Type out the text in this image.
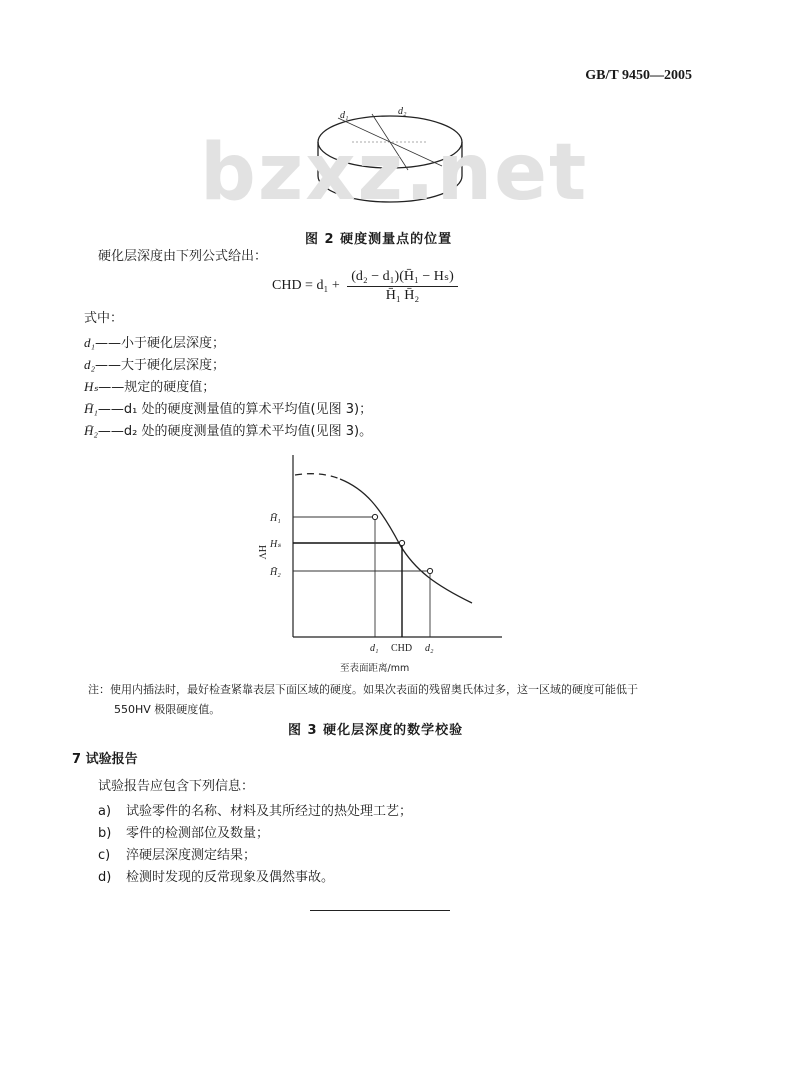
GB/T 9450—2005
d₁	d₂
bzxz.net
图 2 硬度测量点的位置
硬化层深度由下列公式给出：
CHD = $d_1 + \frac{\text{(d₂ − d₁)(H̄₁ − Hₛ)}}{\text{H̄₁ H̄₂}}$
式中：
d₁——小于硬化层深度；
d₂——大于硬化层深度；
Hₛ——规定的硬度值；
H̄₁——d₁ 处的硬度测量值的算术平均值(见图 3)；
H̄₂——d₂ 处的硬度测量值的算术平均值(见图 3)。
HV
H̄₁
Hₛ
H̄₂
d₁ CHD d₂
至表面距离/mm
注：使用内插法时，最好检查紧靠表层下面区域的硬度。如果次表面的残留奥氏体过多，这一区域的硬度可能低于
550HV 极限硬度值。
图 3 硬化层深度的数学校验
7 试验报告
试验报告应包含下列信息：
a) 试验零件的名称、材料及其所经过的热处理工艺；
b) 零件的检测部位及数量；
c) 淬硬层深度测定结果；
d) 检测时发现的反常现象及偶然事故。
